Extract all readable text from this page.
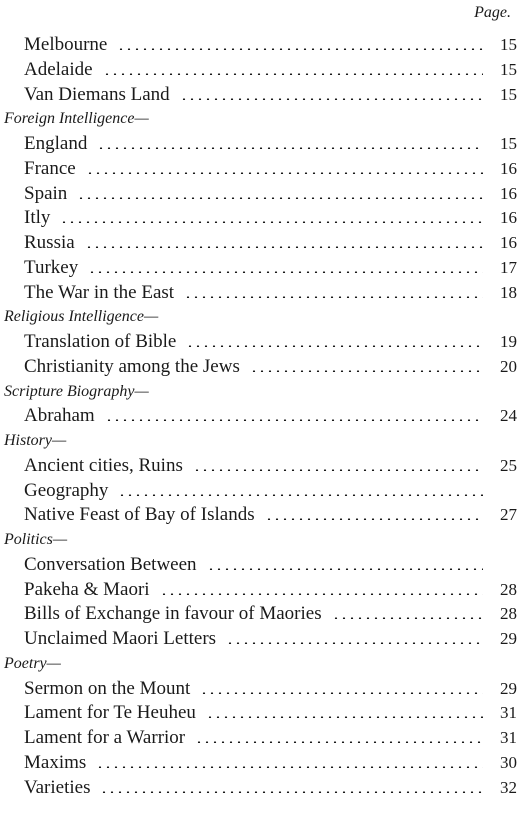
Page.
Melbourne	15
Adelaide	15
Van Diemans Land	15
Foreign Intelligence—
England	15
France	16
Spain	16
Itly	16
Russia	16
Turkey	17
The War in the East	18
Religious Intelligence—
Translation of Bible	19
Christianity among the Jews	20
Scripture Biography—
Abraham	24
History—
Ancient cities, Ruins	25
Geography
Native Feast of Bay of Islands	27
Politics—
Conversation Between
Pakeha & Maori	28
Bills of Exchange in favour of Maories	28
Unclaimed Maori Letters	29
Poetry—
Sermon on the Mount	29
Lament for Te Heuheu	31
Lament for a Warrior	31
Maxims	30
Varieties	32
